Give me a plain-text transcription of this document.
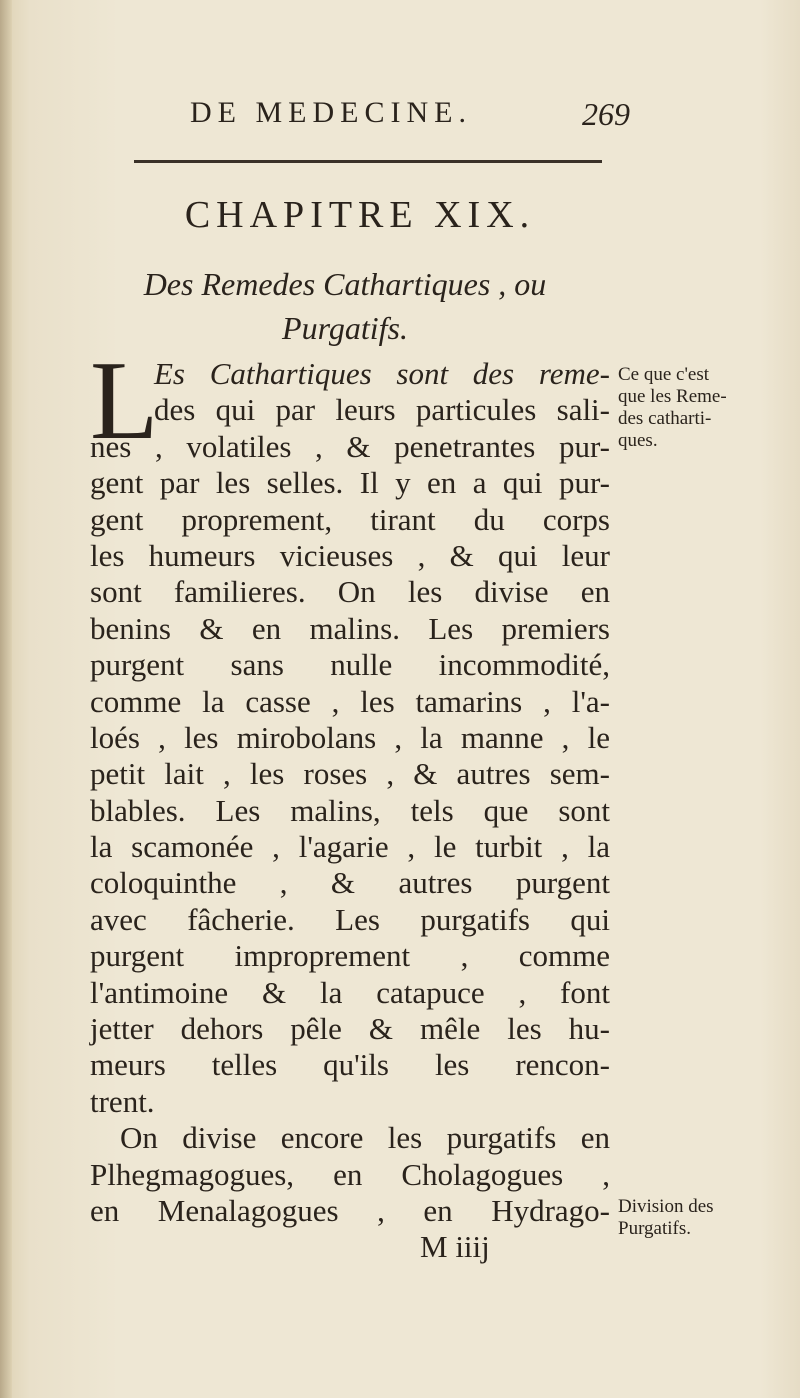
DE MEDECINE.	269
CHAPITRE XIX.
Des Remedes Cathartiques , ou
Purgatifs.
L
Es Cathartiques sont des reme-
des qui par leurs particules sali-
nes , volatiles , & penetrantes pur-
gent par les selles. Il y en a qui pur-
gent proprement, tirant du corps
les humeurs vicieuses , & qui leur
sont familieres. On les divise en
benins & en malins. Les premiers
purgent sans nulle incommodité,
comme la casse , les tamarins , l'a-
loés , les mirobolans , la manne , le
petit lait , les roses , & autres sem-
blables. Les malins, tels que sont
la scamonée , l'agarie , le turbit , la
coloquinthe , & autres purgent
avec fâcherie. Les purgatifs qui
purgent improprement , comme
l'antimoine & la catapuce , font
jetter dehors pêle & mêle les hu-
meurs telles qu'ils les rencon-
trent.
On divise encore les purgatifs en
Plhegmagogues, en Cholagogues ,
en Menalagogues , en Hydrago-
M iiij
Ce que c'est
que les Reme-
des catharti-
ques.
Division des
Purgatifs.
